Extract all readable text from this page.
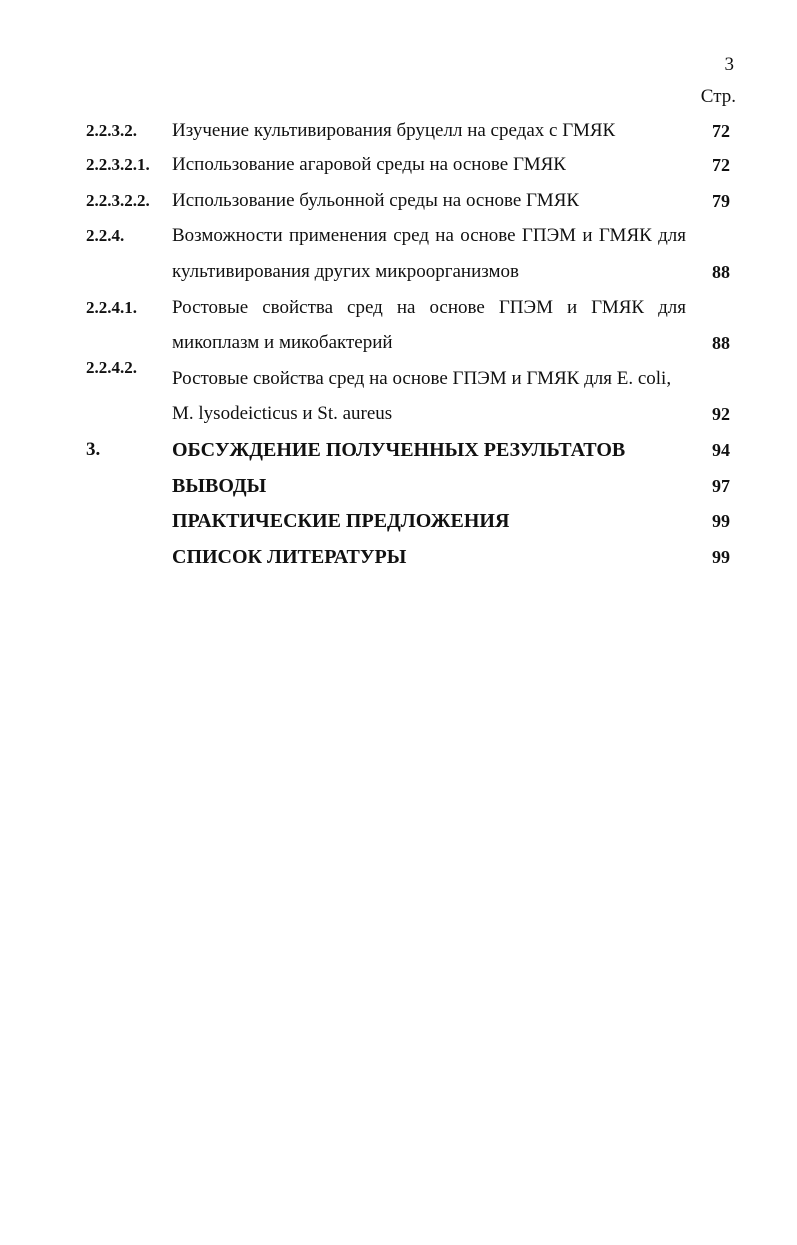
3
Стр.
2.2.3.2. Изучение культивирования бруцелл на средах с ГМЯК	72
2.2.3.2.1. Использование агаровой среды на основе ГМЯК	72
2.2.3.2.2. Использование бульонной среды на основе ГМЯК	79
2.2.4.	Возможности применения сред на основе ГПЭМ и ГМЯК для
культивирования других микроорганизмов	88
2.2.4.1. Ростовые свойства сред на основе ГПЭМ и ГМЯК для
микоплазм и микобактерий	88
2.2.4.2.
Ростовые свойства сред на основе ГПЭМ и ГМЯК для E. coli,
M. lysodeicticus и St. aureus	92
3.	ОБСУЖДЕНИЕ ПОЛУЧЕННЫХ РЕЗУЛЬТАТОВ	94
ВЫВОДЫ	97
ПРАКТИЧЕСКИЕ ПРЕДЛОЖЕНИЯ	99
СПИСОК ЛИТЕРАТУРЫ	99
